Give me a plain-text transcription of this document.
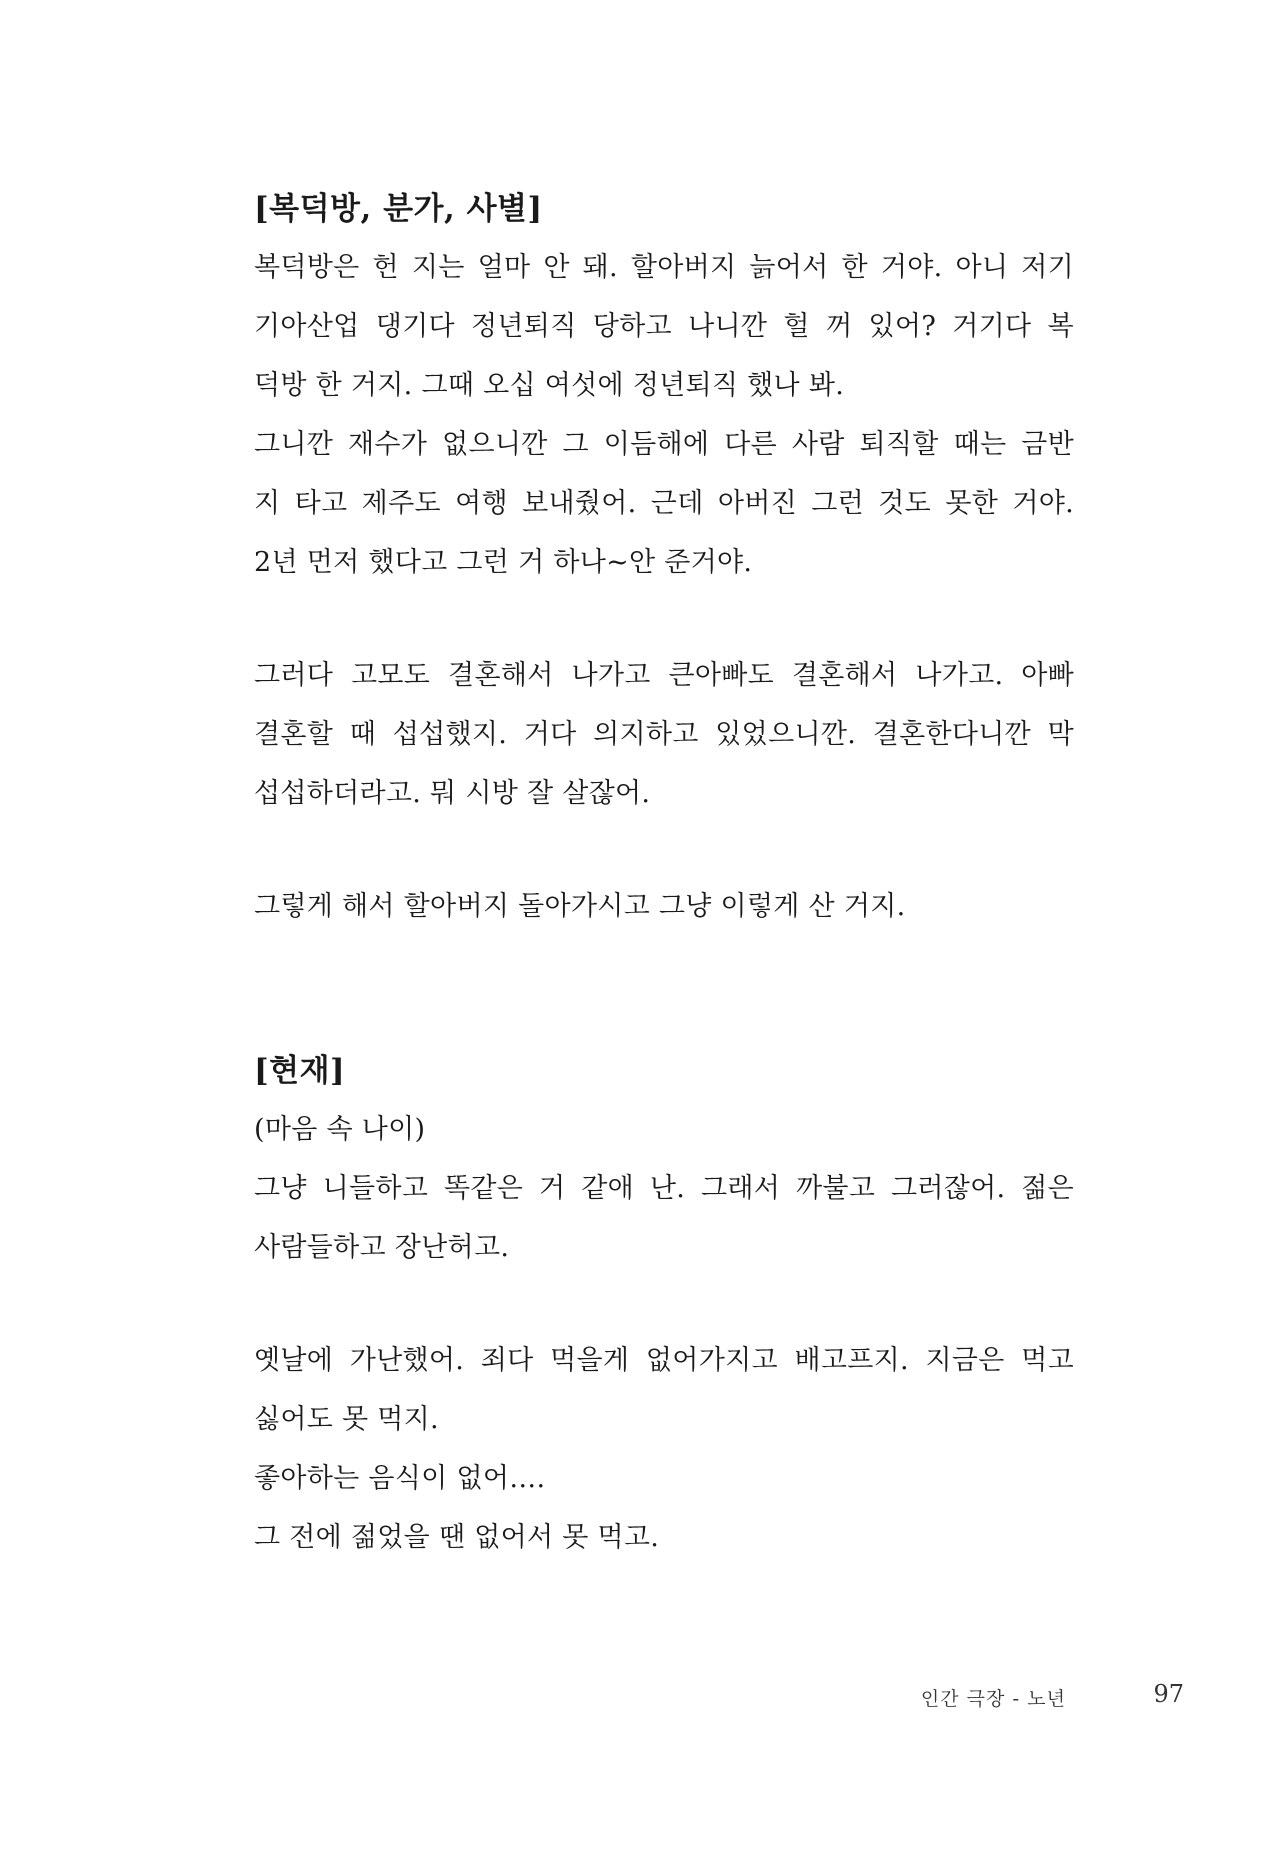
[복덕방, 분가, 사별]

복덕방은 헌 지는 얼마 안 돼. 할아버지 늙어서 한 거야. 아니 저기
기아산업 댕기다 정년퇴직 당하고 나니깐 헐 꺼 있어? 거기다 복
덕방 한 거지. 그때 오십 여섯에 정년퇴직 했나 봐.
그니깐 재수가 없으니깐 그 이듬해에 다른 사람 퇴직할 때는 금반
지 타고 제주도 여행 보내줬어. 근데 아버진 그런 것도 못한 거야.
2년 먼저 했다고 그런 거 하나~안 준거야.

그러다 고모도 결혼해서 나가고 큰아빠도 결혼해서 나가고. 아빠
결혼할 때 섭섭했지. 거다 의지하고 있었으니깐. 결혼한다니깐 막
섭섭하더라고. 뭐 시방 잘 살잖어.

그렇게 해서 할아버지 돌아가시고 그냥 이렇게 산 거지.

[현재]

(마음 속 나이)
그냥 니들하고 똑같은 거 같애 난. 그래서 까불고 그러잖어. 젊은
사람들하고 장난허고.

옛날에 가난했어. 죄다 먹을게 없어가지고 배고프지. 지금은 먹고
싫어도 못 먹지.
좋아하는 음식이 없어….
그 전에 젊었을 땐 없어서 못 먹고.

인간 극장 - 노년	97
